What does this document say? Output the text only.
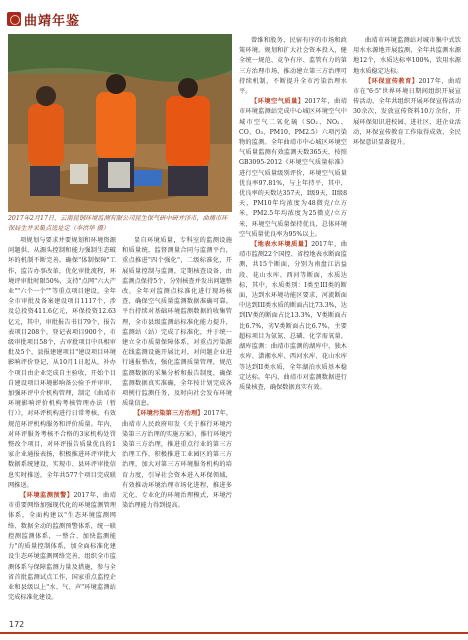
曲靖年鉴
2017年2月17日，云南昆钢环境监测有限公司昆生保气研中研并泽市，曲靖市环保局生并采集点选址定（李洪华 摄）

项规划与要求并要规划和环境资源问题供，从源头控制和能力强制生态破坏的机制不断完善。确保"体制保障"工作，监告办事改革，优化审批流程，环境评审批时限50%，支持"点网"六大产业""六个一个""等重点项目建设，全年全市审批及备案建设项目1117个，涉及总投资411.6亿元，环保投资12.63亿元，其中，审批报告书目79个，报告表项目208个，登记表项目900个，市级审批项目58个，占审批项目中具相审批及5个，县报建建项目"建设项目环境影响评价登记，从10月1日起从，补办个项目由企业完成自主验收，开始个目自建设项目环境影响备公验予并审审，加强环评中介机构管理，制定《曲靖市环境影响评价机构考核管理办法（暂行）》，对环评机构进行日常考核，有效规范环评机构服务和评价质量。年内，对环评服务考核不合格的3家机构处罚整改个项目，对环评报告质量优良的1家企业通报表扬，积极推进环评审批大数据系统建设，实现市、县环评审批信息实时推送，全年共577个项目完成联网推送。

【环境监测预警】2017年，曲靖市重要网络加强现代化的环境监测管理体系，全面构建以"生态环境监测网络、数据全动的监测预警体系，统一联控测监测体系，一整合、加快监测能力"的质量控制体系，加全面标准化建设生态环境监测网络完善，组织全市监测体系与保障监测力量及措施，参与全省首批监测试点工作，国家重点监控企业和县级以上"水、气、声"环境监测站完成标准化建设。

显自环境质量，专科室的监测设施和质量统，监督测量合同与监测平台，重点推进"四个强化"，二级标准化，开展质量控制与监测，定期核查设备，由监测点保持5个，分别核查并发出问题整改，全年对监测点标准化进行现场核查，确保空气质量监测数据准确可靠。平台持续对基础环境监测数据的收集管理，全市县级监测站标准化能力提升，监测站（站）完成了标准化，并于统一建立全市质量保障体系，对重点污染源在线监测设施开展比对，对问题企业进行通报整改，强化监测质量管理，规范监测数据的采集分析和报告制度，确保监测数据真实准确，全年按计划完成各项例行监测任务，及时向社会发布环境质量信息。

【环境污染第三方治理】2017年，曲靖市人民政府印发《关于推行环境污染第三方治理的实施方案》，推行环境污染第三方治理，推进重点行业的第三方治理工作，积极推进工业园区的第三方治理，加大对第三方环境服务机构的培育力度，引导社会资本进入环保领域，有效推动环境治理市场化进程，推进多元化、专业化的环境治理模式，环境污染治理能力得到提高。

曾维和股务、民宿有序的市场和政策环境。规划和扩大社会资本投入，健全统一规范、竞争有序、监管有力的第三方治理市场，推动建立第三方治理可持续机制，不断提升全市污染治理水平。

【环境空气质量】2017年，曲靖市环境监测站完成中心城区环境空气中城市空气二氧化硫（SO₂、NO₂、CO、O₃、PM10、PM2.5）六项污染物的监测。全年曲靖市中心城区环境空气质量监测有效监测天数365天，按照GB3095-2012《环境空气质量标准》进行空气质量级别评价，环境空气质量优良率97.81%，与上年持平，其中，优良率的天数达357天，I级9天，II级8天，PM10年均浓度为48微克/立方米，PM2.5年均浓度为25微克/立方米，环境空气质量保持优良，总体环境空气质量优良率为95%以上。

【地表水环境质量】2017年，曲靖市监测22个国控、省控地表水断面监测，共15个断面，分别为南盘江沾益段、花山水库、西河等断面，水质达标，其中，水质类别：I类至III类的断面，达到水环境功能区要求，河流断面中达到III类水质的断面占比73.3%，达到IV类的断面占比13.3%，V类断面占比6.7%，劣V类断面占比6.7%，主要超标项目为氨氮、总磷、化学需氧量。湖库监测：曲靖市监测的湖库中，独木水库、潇湘水库、西河水库、花山水库等达到II类水质，全年湖泊水质基本稳定达标。年内，曲靖市对监测数据进行质量核查，确保数据真实有效。

曲靖市环境监测站对城市集中式饮用水水源地开展监测，全年共监测水源地12个，水质达标率100%，饮用水源地水质稳定达标。

【环保宣传教育】2017年，曲靖市在"6·5"世界环境日期间组织开展宣传活动，全年共组织开展环保宣传活动30余次，发放宣传资料10万余份，开展环保知识进校园、进社区、进企业活动，环保宣传教育工作取得成效，全民环保意识显著提升。

172
